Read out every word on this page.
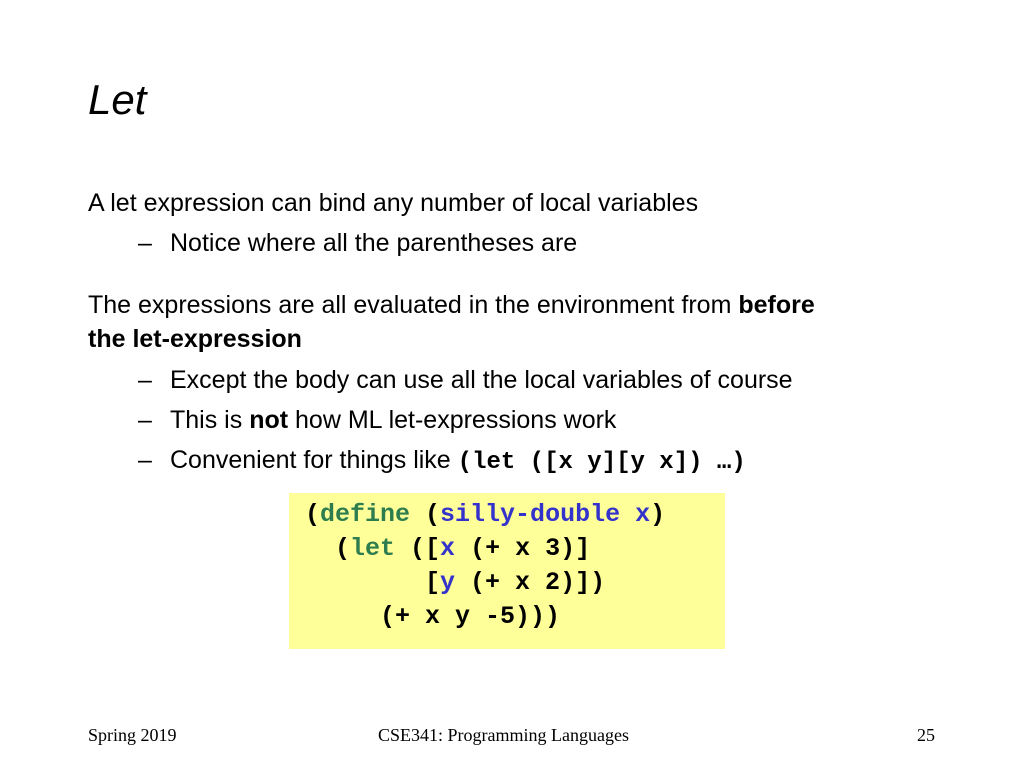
Let
A let expression can bind any number of local variables
– Notice where all the parentheses are
The expressions are all evaluated in the environment from before
the let-expression
– Except the body can use all the local variables of course
– This is not how ML let-expressions work
– Convenient for things like (let ([x y][y x]) …)
(define (silly-double x)
(let ([x (+ x 3)]
[y (+ x 2)])
(+ x y -5)))
Spring 2019	CSE341: Programming Languages	25
